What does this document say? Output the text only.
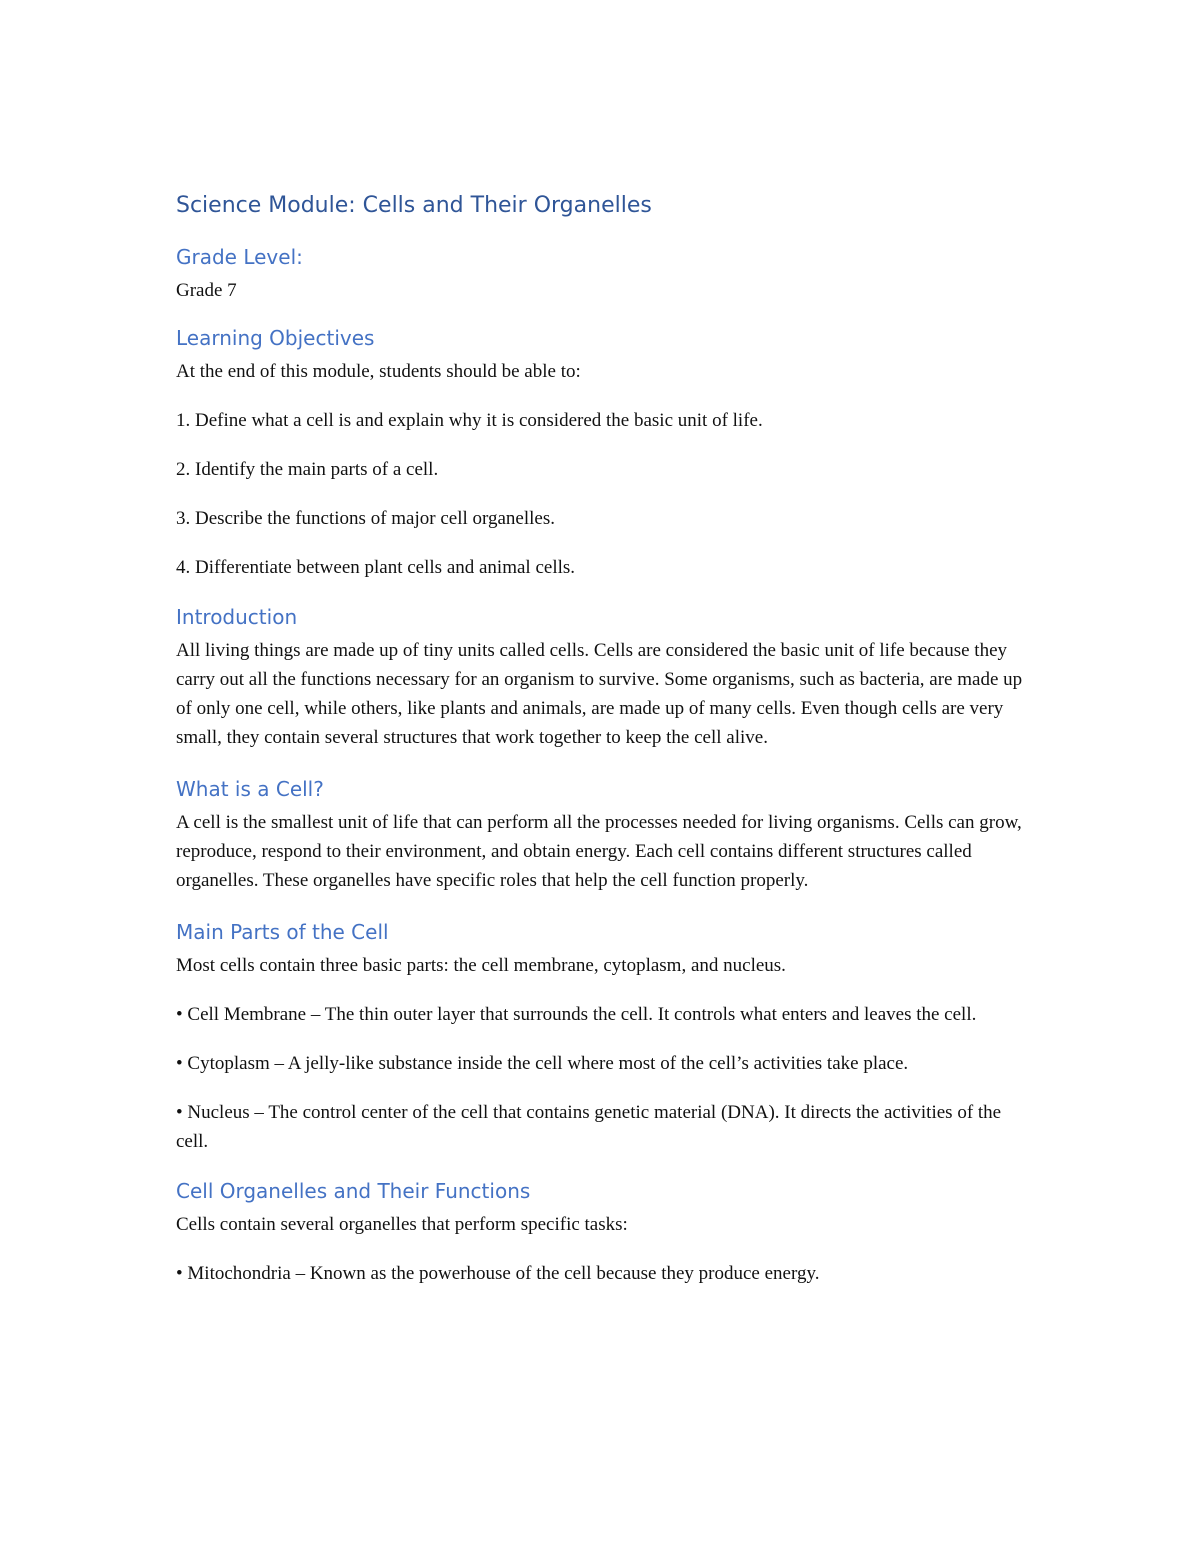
Science Module: Cells and Their Organelles
Grade Level:

Grade 7

Learning Objectives

At the end of this module, students should be able to:

1. Define what a cell is and explain why it is considered the basic unit of life.

2. Identify the main parts of a cell.

3. Describe the functions of major cell organelles.

4. Differentiate between plant cells and animal cells.

Introduction

All living things are made up of tiny units called cells. Cells are considered the basic unit of life because they carry out all the functions necessary for an organism to survive. Some organisms, such as bacteria, are made up of only one cell, while others, like plants and animals, are made up of many cells. Even though cells are very small, they contain several structures that work together to keep the cell alive.

What is a Cell?

A cell is the smallest unit of life that can perform all the processes needed for living organisms. Cells can grow, reproduce, respond to their environment, and obtain energy. Each cell contains different structures called organelles. These organelles have specific roles that help the cell function properly.

Main Parts of the Cell

Most cells contain three basic parts: the cell membrane, cytoplasm, and nucleus.

• Cell Membrane – The thin outer layer that surrounds the cell. It controls what enters and leaves the cell.

• Cytoplasm – A jelly-like substance inside the cell where most of the cell’s activities take place.

• Nucleus – The control center of the cell that contains genetic material (DNA). It directs the activities of the cell.

Cell Organelles and Their Functions

Cells contain several organelles that perform specific tasks:

• Mitochondria – Known as the powerhouse of the cell because they produce energy.
